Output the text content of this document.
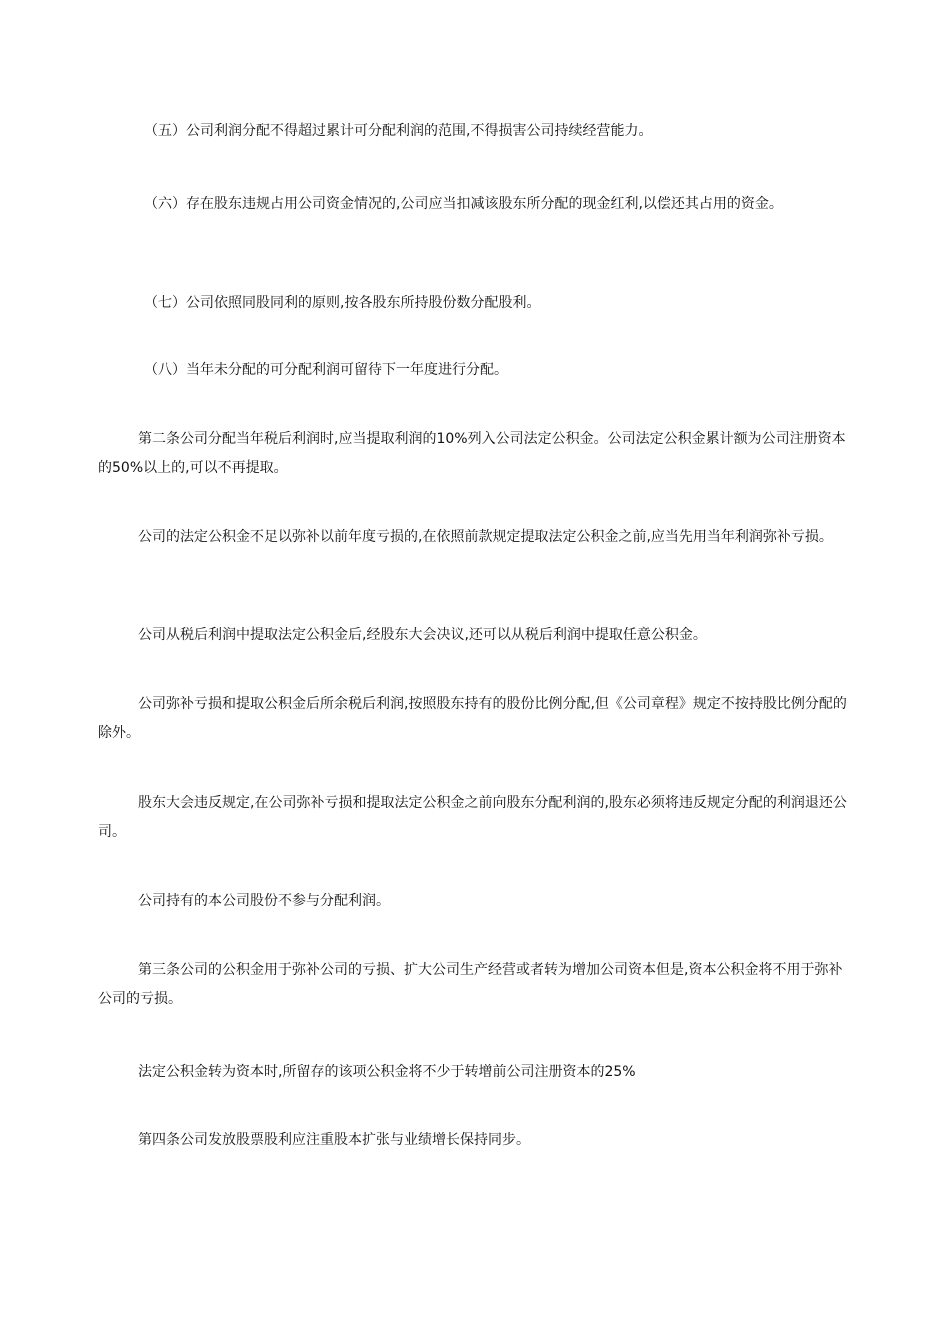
（五）公司利润分配不得超过累计可分配利润的范围,不得损害公司持续经营能力。

（六）存在股东违规占用公司资金情况的,公司应当扣减该股东所分配的现金红利,以偿还其占用的资金。

（七）公司依照同股同利的原则,按各股东所持股份数分配股利。

（八）当年未分配的可分配利润可留待下一年度进行分配。

第二条公司分配当年税后利润时,应当提取利润的10%列入公司法定公积金。公司法定公积金累计额为公司注册资本的50%以上的,可以不再提取。

公司的法定公积金不足以弥补以前年度亏损的,在依照前款规定提取法定公积金之前,应当先用当年利润弥补亏损。

公司从税后利润中提取法定公积金后,经股东大会决议,还可以从税后利润中提取任意公积金。

公司弥补亏损和提取公积金后所余税后利润,按照股东持有的股份比例分配,但《公司章程》规定不按持股比例分配的除外。

股东大会违反规定,在公司弥补亏损和提取法定公积金之前向股东分配利润的,股东必须将违反规定分配的利润退还公司。

公司持有的本公司股份不参与分配利润。

第三条公司的公积金用于弥补公司的亏损、扩大公司生产经营或者转为增加公司资本但是,资本公积金将不用于弥补公司的亏损。

法定公积金转为资本时,所留存的该项公积金将不少于转增前公司注册资本的25%

第四条公司发放股票股利应注重股本扩张与业绩增长保持同步。
